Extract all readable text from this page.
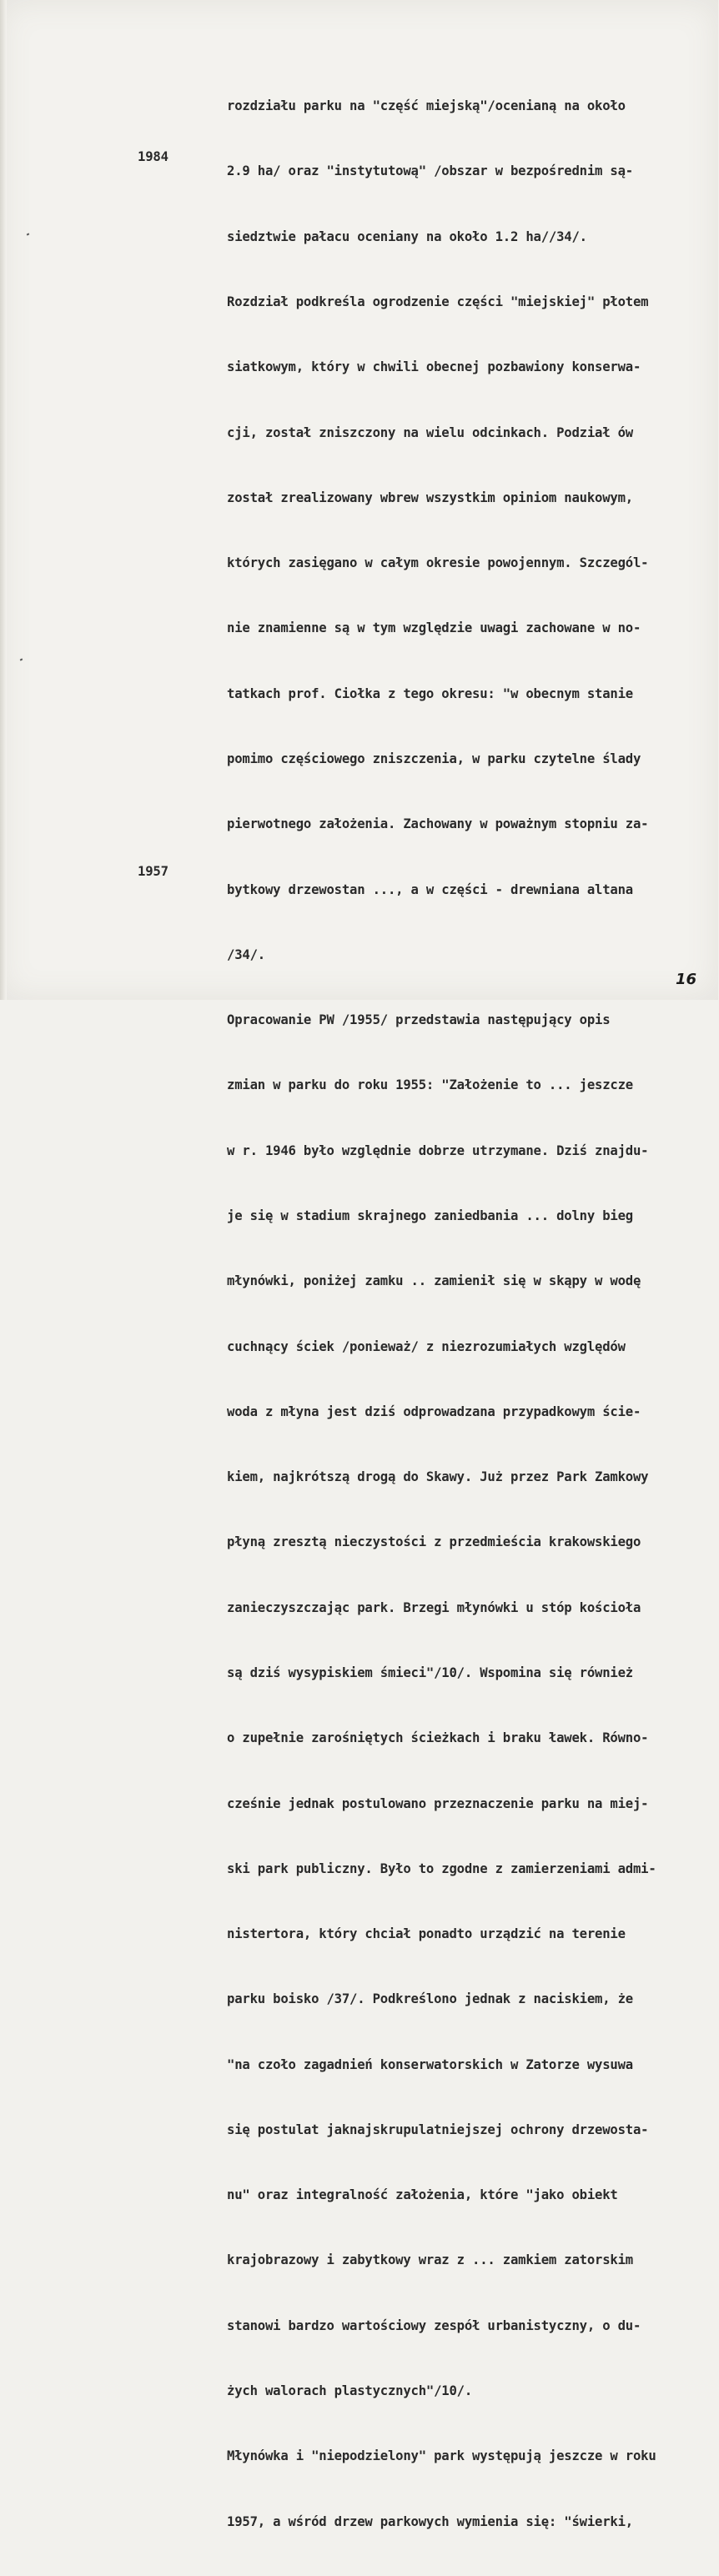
1984
1957

rozdziału parku na "część miejską"/ocenianą na około

2.9 ha/ oraz "instytutową" /obszar w bezpośrednim są-

siedztwie pałacu oceniany na około 1.2 ha//34/.

Rozdział podkreśla ogrodzenie części "miejskiej" płotem

siatkowym, który w chwili obecnej pozbawiony konserwa-

cji, został zniszczony na wielu odcinkach. Podział ów

został zrealizowany wbrew wszystkim opiniom naukowym,

których zasięgano w całym okresie powojennym. Szczegól-

nie znamienne są w tym względzie uwagi zachowane w no-

tatkach prof. Ciołka z tego okresu: "w obecnym stanie

pomimo częściowego zniszczenia, w parku czytelne ślady

pierwotnego założenia. Zachowany w poważnym stopniu za-

bytkowy drzewostan ..., a w części - drewniana altana

/34/.

Opracowanie PW /1955/ przedstawia następujący opis

zmian w parku do roku 1955: "Założenie to ... jeszcze

w r. 1946 było względnie dobrze utrzymane. Dziś znajdu-

je się w stadium skrajnego zaniedbania ... dolny bieg

młynówki, poniżej zamku .. zamienił się w skąpy w wodę

cuchnący ściek /ponieważ/ z niezrozumiałych względów

woda z młyna jest dziś odprowadzana przypadkowym ście-

kiem, najkrótszą drogą do Skawy. Już przez Park Zamkowy

płyną zresztą nieczystości z przedmieścia krakowskiego

zanieczyszczając park. Brzegi młynówki u stóp kościoła

są dziś wysypiskiem śmieci"/10/. Wspomina się również

o zupełnie zarośniętych ścieżkach i braku ławek. Równo-

cześnie jednak postulowano przeznaczenie parku na miej-

ski park publiczny. Było to zgodne z zamierzeniami admi-

nistertora, który chciał ponadto urządzić na terenie

parku boisko /37/. Podkreślono jednak z naciskiem, że

"na czoło zagadnień konserwatorskich w Zatorze wysuwa

się postulat jaknajskrupulatniejszej ochrony drzewosta-

nu" oraz integralność założenia, które "jako obiekt

krajobrazowy i zabytkowy wraz z ... zamkiem zatorskim

stanowi bardzo wartościowy zespół urbanistyczny, o du-

żych walorach plastycznych"/10/.

Młynówka i "niepodzielony" park występują jeszcze w roku

1957, a wśród drzew parkowych wymienia się: "świerki,

16
